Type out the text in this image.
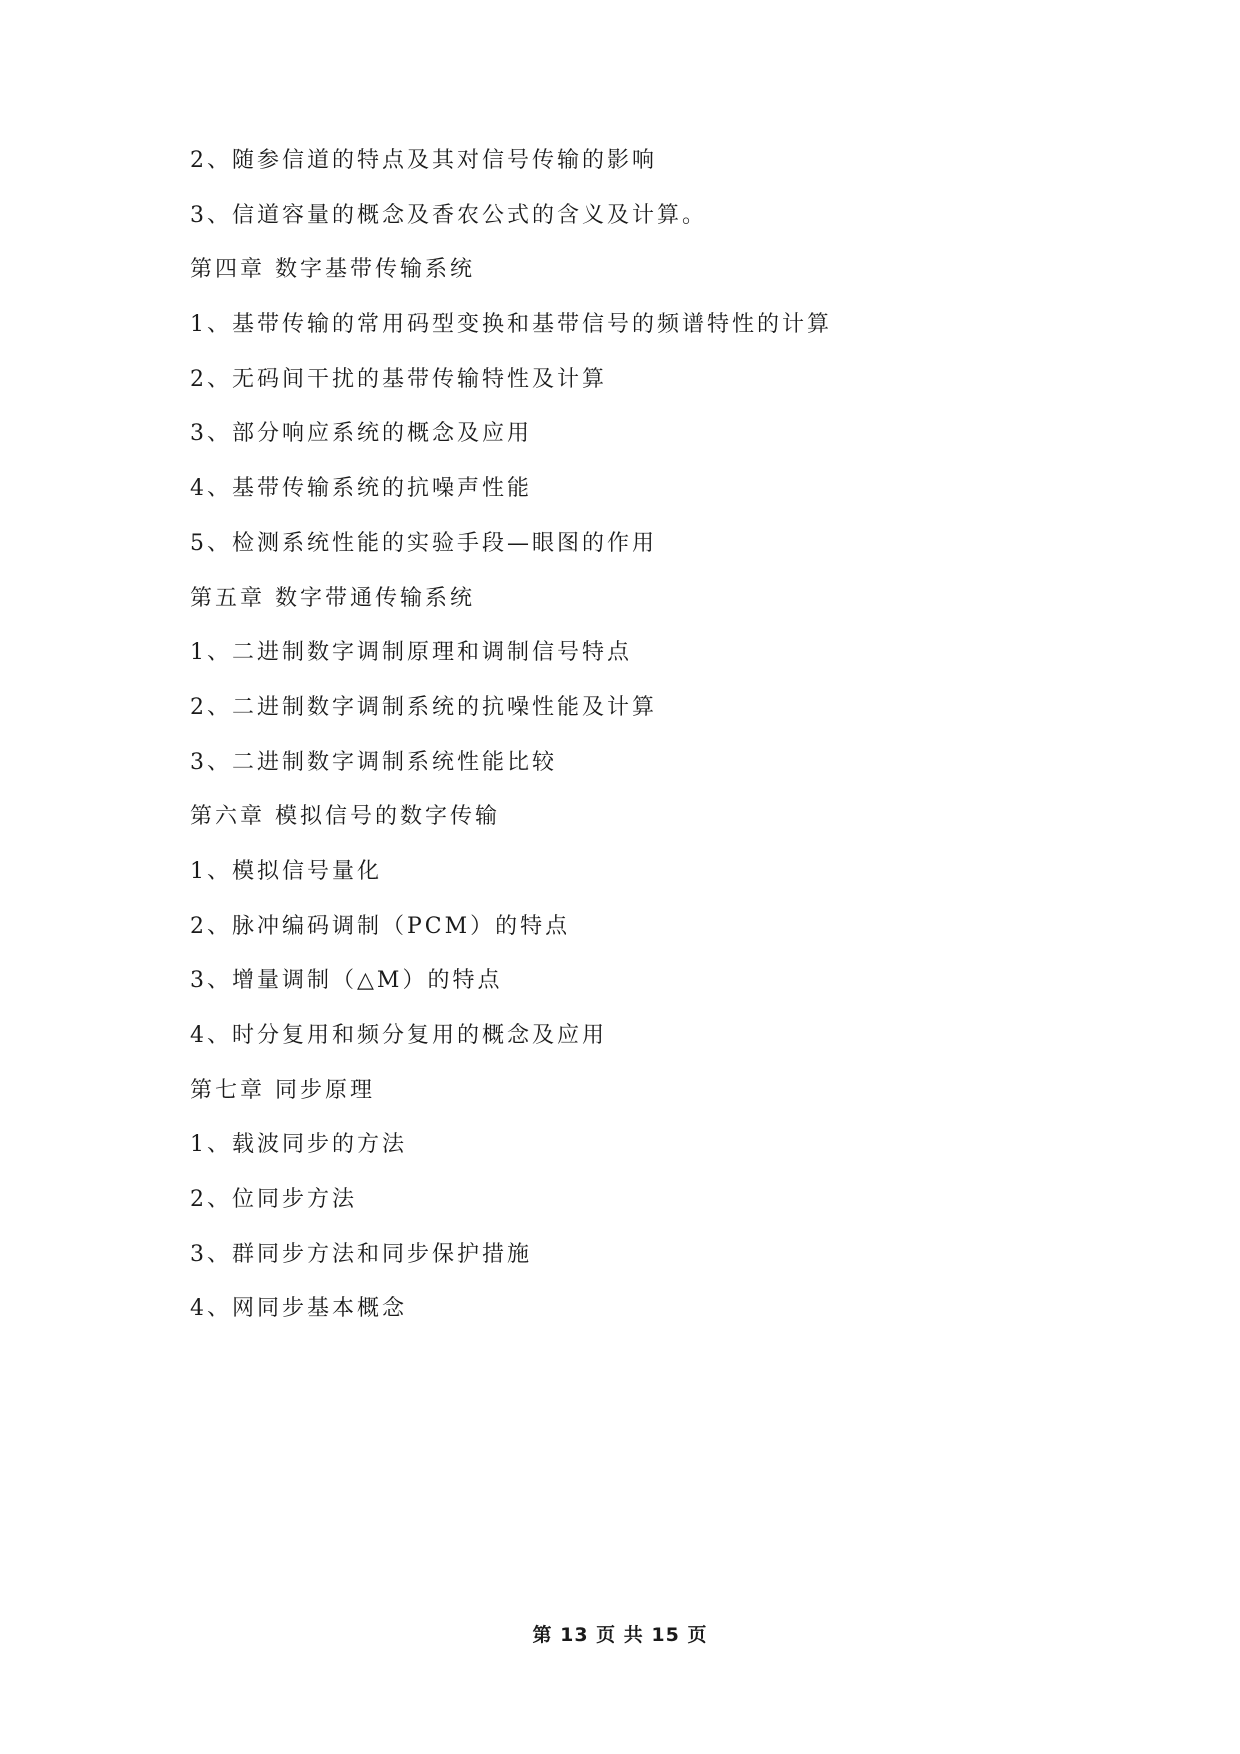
2、随参信道的特点及其对信号传输的影响
3、信道容量的概念及香农公式的含义及计算。
第四章 数字基带传输系统
1、基带传输的常用码型变换和基带信号的频谱特性的计算
2、无码间干扰的基带传输特性及计算
3、部分响应系统的概念及应用
4、基带传输系统的抗噪声性能
5、检测系统性能的实验手段—眼图的作用
第五章 数字带通传输系统
1、二进制数字调制原理和调制信号特点
2、二进制数字调制系统的抗噪性能及计算
3、二进制数字调制系统性能比较
第六章 模拟信号的数字传输
1、模拟信号量化
2、脉冲编码调制（PCM）的特点
3、增量调制（△M）的特点
4、时分复用和频分复用的概念及应用
第七章 同步原理
1、载波同步的方法
2、位同步方法
3、群同步方法和同步保护措施
4、网同步基本概念
第 13 页 共 15 页
